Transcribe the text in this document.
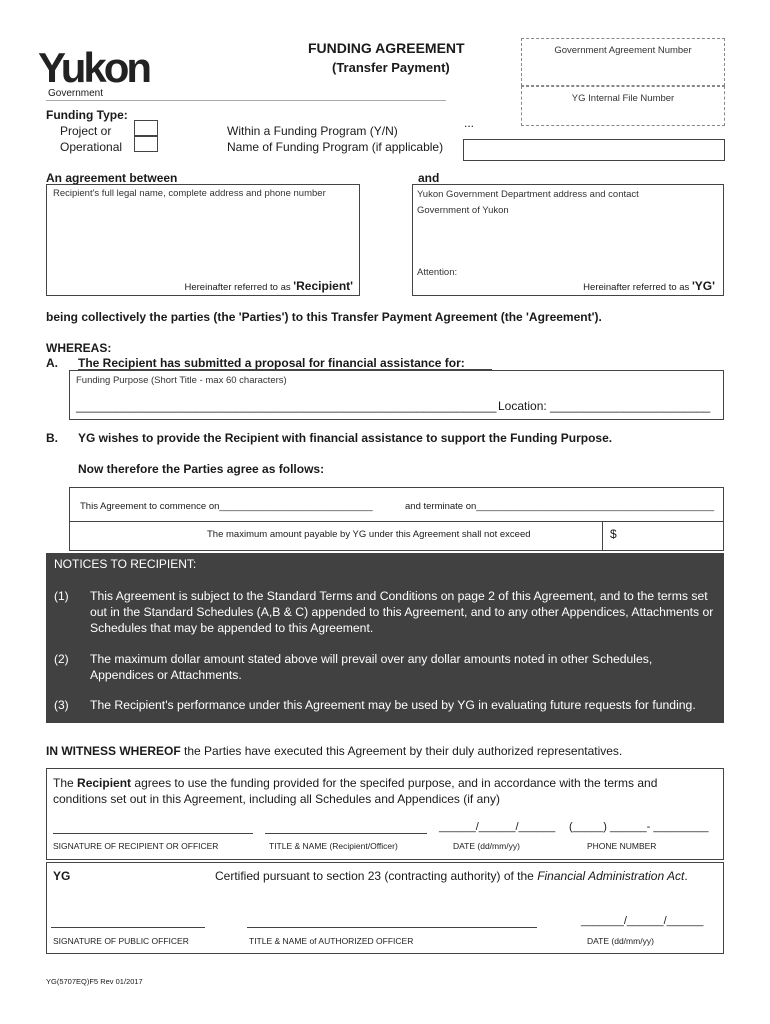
Yukon
Government
FUNDING AGREEMENT
(Transfer Payment)
Government Agreement Number
YG Internal File Number
Funding Type:
Project or
Operational
Within a Funding Program (Y/N)
Name of Funding Program (if applicable)
...
An agreement between	and
Recipient's full legal name, complete address and phone number
Hereinafter referred to as 'Recipient'
Yukon Government Department address and contact
Government of Yukon
Attention:
Hereinafter referred to as 'YG'
being collectively the parties (the 'Parties') to this Transfer Payment Agreement (the 'Agreement').
WHEREAS:
A. The Recipient has submitted a proposal for financial assistance for:
Funding Purpose (Short Title - max 60 characters)
_______________________________________________________________ Location: ________________________
B. YG wishes to provide the Recipient with financial assistance to support the Funding Purpose.
Now therefore the Parties agree as follows:
This Agreement to commence on_____________________________	and terminate on_____________________________________________
The maximum amount payable by YG under this Agreement shall not exceed	$
NOTICES TO RECIPIENT:
(1) This Agreement is subject to the Standard Terms and Conditions on page 2 of this Agreement, and to the terms set out in the Standard Schedules (A,B & C) appended to this Agreement, and to any other Appendices, Attachments or Schedules that may be appended to this Agreement.
(2) The maximum dollar amount stated above will prevail over any dollar amounts noted in other Schedules, Appendices or Attachments.
(3) The Recipient's performance under this Agreement may be used by YG in evaluating future requests for funding.
IN WITNESS WHEREOF the Parties have executed this Agreement by their duly authorized representatives.
The Recipient agrees to use the funding provided for the specifed purpose, and in accordance with the terms and conditions set out in this Agreement, including all Schedules and Appendices (if any)
______/______/______ (_____) ______- _________
SIGNATURE OF RECIPIENT OR OFFICER	TITLE & NAME (Recipient/Officer)	DATE (dd/mm/yy)	PHONE NUMBER
YG	Certified pursuant to section 23 (contracting authority) of the Financial Administration Act.
_______/______/______
SIGNATURE OF PUBLIC OFFICER	TITLE & NAME of AUTHORIZED OFFICER	DATE (dd/mm/yy)
YG(5707EQ)F5 Rev 01/2017
